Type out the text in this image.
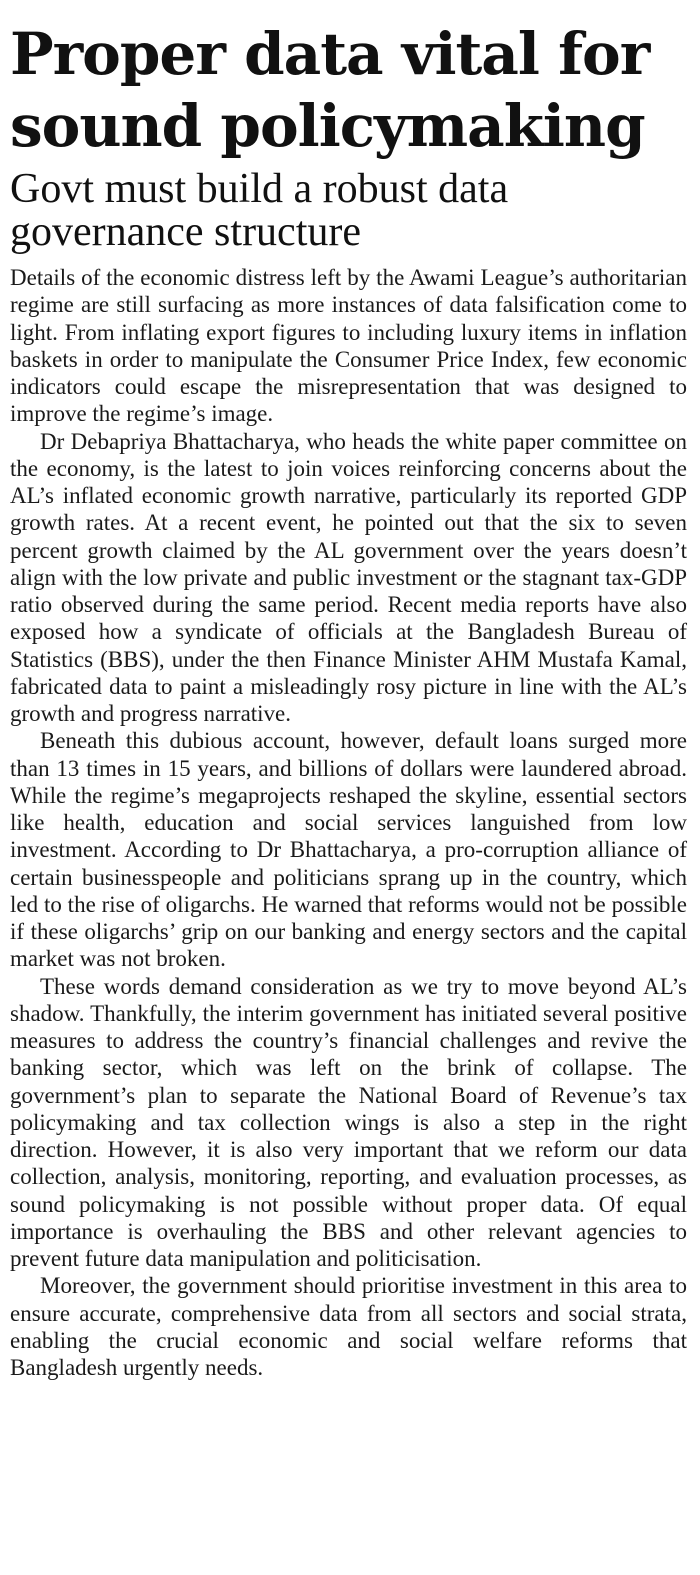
Proper data vital for sound policymaking
Govt must build a robust data governance structure

Details of the economic distress left by the Awami League’s authoritarian regime are still surfacing as more instances of data falsification come to light. From inflating export figures to including luxury items in inflation baskets in order to manipulate the Consumer Price Index, few economic indicators could escape the misrepresentation that was designed to improve the regime’s image.

Dr Debapriya Bhattacharya, who heads the white paper committee on the economy, is the latest to join voices reinforcing concerns about the AL’s inflated economic growth narrative, particularly its reported GDP growth rates. At a recent event, he pointed out that the six to seven percent growth claimed by the AL government over the years doesn’t align with the low private and public investment or the stagnant tax-GDP ratio observed during the same period. Recent media reports have also exposed how a syndicate of officials at the Bangladesh Bureau of Statistics (BBS), under the then Finance Minister AHM Mustafa Kamal, fabricated data to paint a misleadingly rosy picture in line with the AL’s growth and progress narrative.

Beneath this dubious account, however, default loans surged more than 13 times in 15 years, and billions of dollars were laundered abroad. While the regime’s megaprojects reshaped the skyline, essential sectors like health, education and social services languished from low investment. According to Dr Bhattacharya, a pro-corruption alliance of certain businesspeople and politicians sprang up in the country, which led to the rise of oligarchs. He warned that reforms would not be possible if these oligarchs’ grip on our banking and energy sectors and the capital market was not broken.

These words demand consideration as we try to move beyond AL’s shadow. Thankfully, the interim government has initiated several positive measures to address the country’s financial challenges and revive the banking sector, which was left on the brink of collapse. The government’s plan to separate the National Board of Revenue’s tax policymaking and tax collection wings is also a step in the right direction. However, it is also very important that we reform our data collection, analysis, monitoring, reporting, and evaluation processes, as sound policymaking is not possible without proper data. Of equal importance is overhauling the BBS and other relevant agencies to prevent future data manipulation and politicisation.

Moreover, the government should prioritise investment in this area to ensure accurate, comprehensive data from all sectors and social strata, enabling the crucial economic and social welfare reforms that Bangladesh urgently needs.
